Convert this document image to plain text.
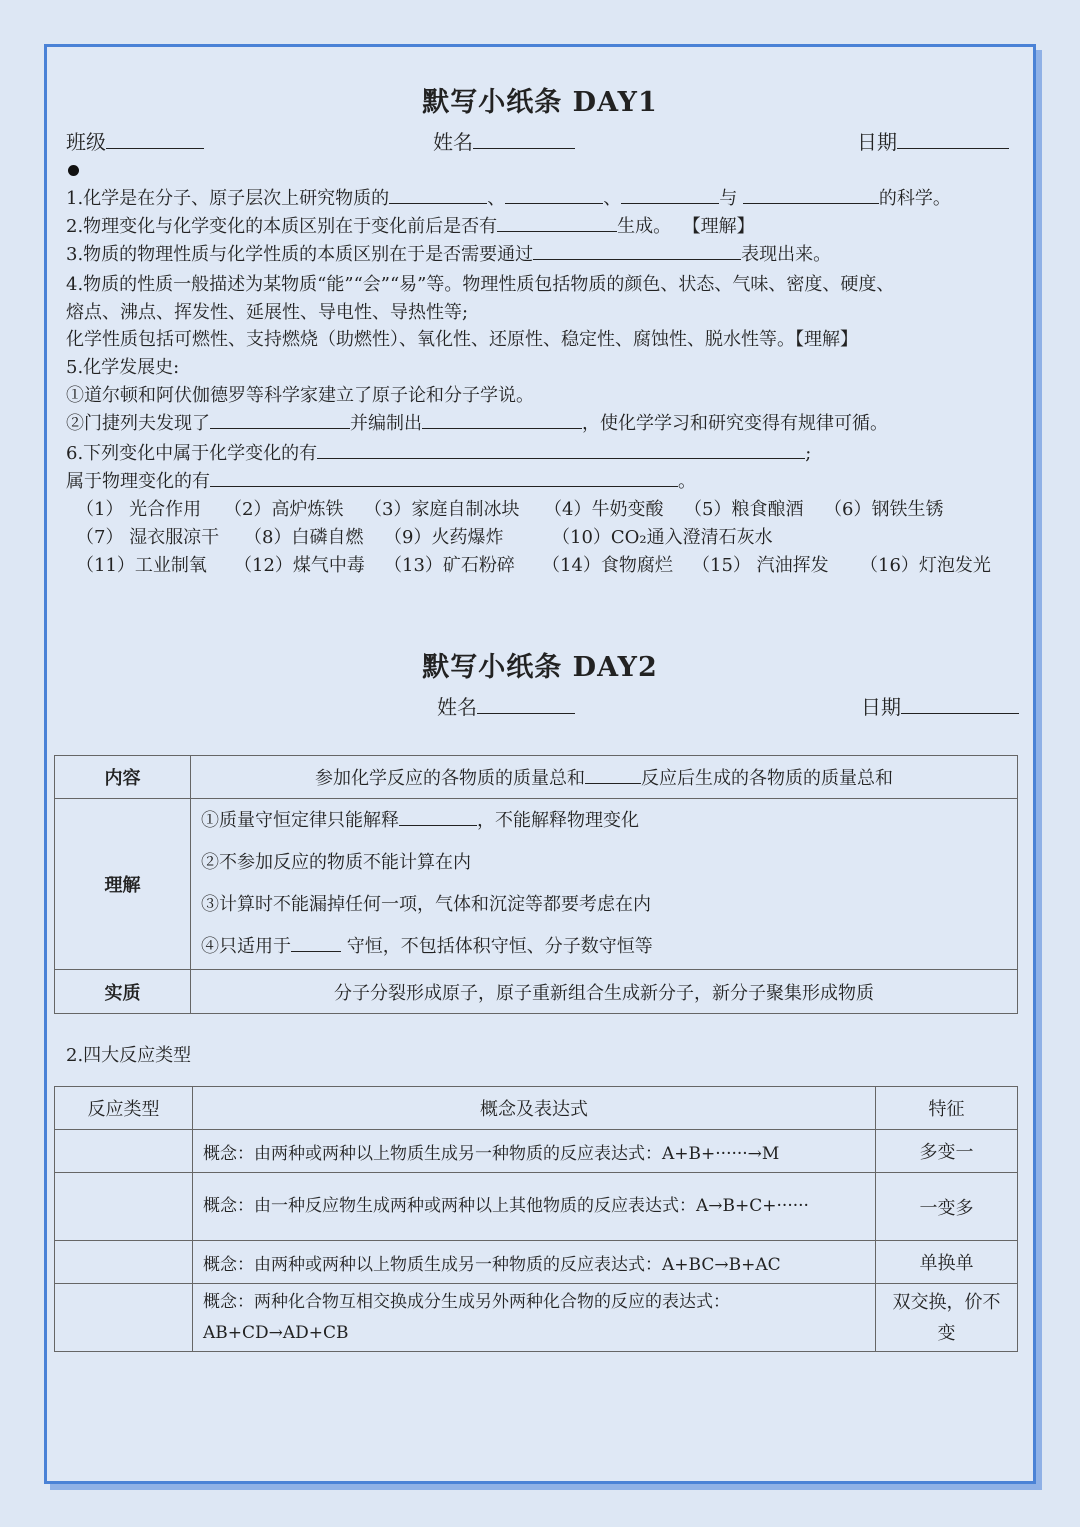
默写小纸条 DAY1
班级	姓名	日期
1.化学是在分子、原子层次上研究物质的	、	、	与	的科学。
2.物理变化与化学变化的本质区别在于变化前后是否有	生成。 【理解】
3.物质的物理性质与化学性质的本质区别在于是否需要通过	表现出来。
4.物质的性质一般描述为某物质“能”“会”“易”等。物理性质包括物质的颜色、状态、气味、密度、硬度、
熔点、沸点、挥发性、延展性、导电性、导热性等;
化学性质包括可燃性、支持燃烧（助燃性）、氧化性、还原性、稳定性、腐蚀性、脱水性等。【理解】
5.化学发展史:
①道尔顿和阿伏伽德罗等科学家建立了原子论和分子学说。
②门捷列夫发现了	并编制出	，使化学学习和研究变得有规律可循。
6.下列变化中属于化学变化的有	;
属于物理变化的有	。
（1） 光合作用 （2）高炉炼铁 （3）家庭自制冰块 （4）牛奶变酸 （5）粮食酿酒 （6）钢铁生锈
（7） 湿衣服凉干 （8）白磷自燃 （9）火药爆炸	（10）CO₂通入澄清石灰水
（11）工业制氧 （12）煤气中毒 （13）矿石粉碎 （14）食物腐烂 （15） 汽油挥发 （16）灯泡发光
默写小纸条 DAY2
姓名	日期
内容	参加化学反应的各物质的质量总和 反应后生成的各物质的质量总和
理解	①质量守恒定律只能解释 ，不能解释物理变化
②不参加反应的物质不能计算在内
③计算时不能漏掉任何一项，气体和沉淀等都要考虑在内
④只适用于 守恒，不包括体积守恒、分子数守恒等

实质	分子分裂形成原子，原子重新组合生成新分子，新分子聚集形成物质
2.四大反应类型
反应类型	概念及表达式	特征
	概念：由两种或两种以上物质生成另一种物质的反应表达式：A+B+······→M	多变一
	概念：由一种反应物生成两种或两种以上其他物质的反应表达式：A→B+C+······	一变多
	概念：由两种或两种以上物质生成另一种物质的反应表达式：A+BC→B+AC	单换单
	概念：两种化合物互相交换成分生成另外两种化合物的反应的表达式：AB+CD→AD+CB	双交换，价不变
